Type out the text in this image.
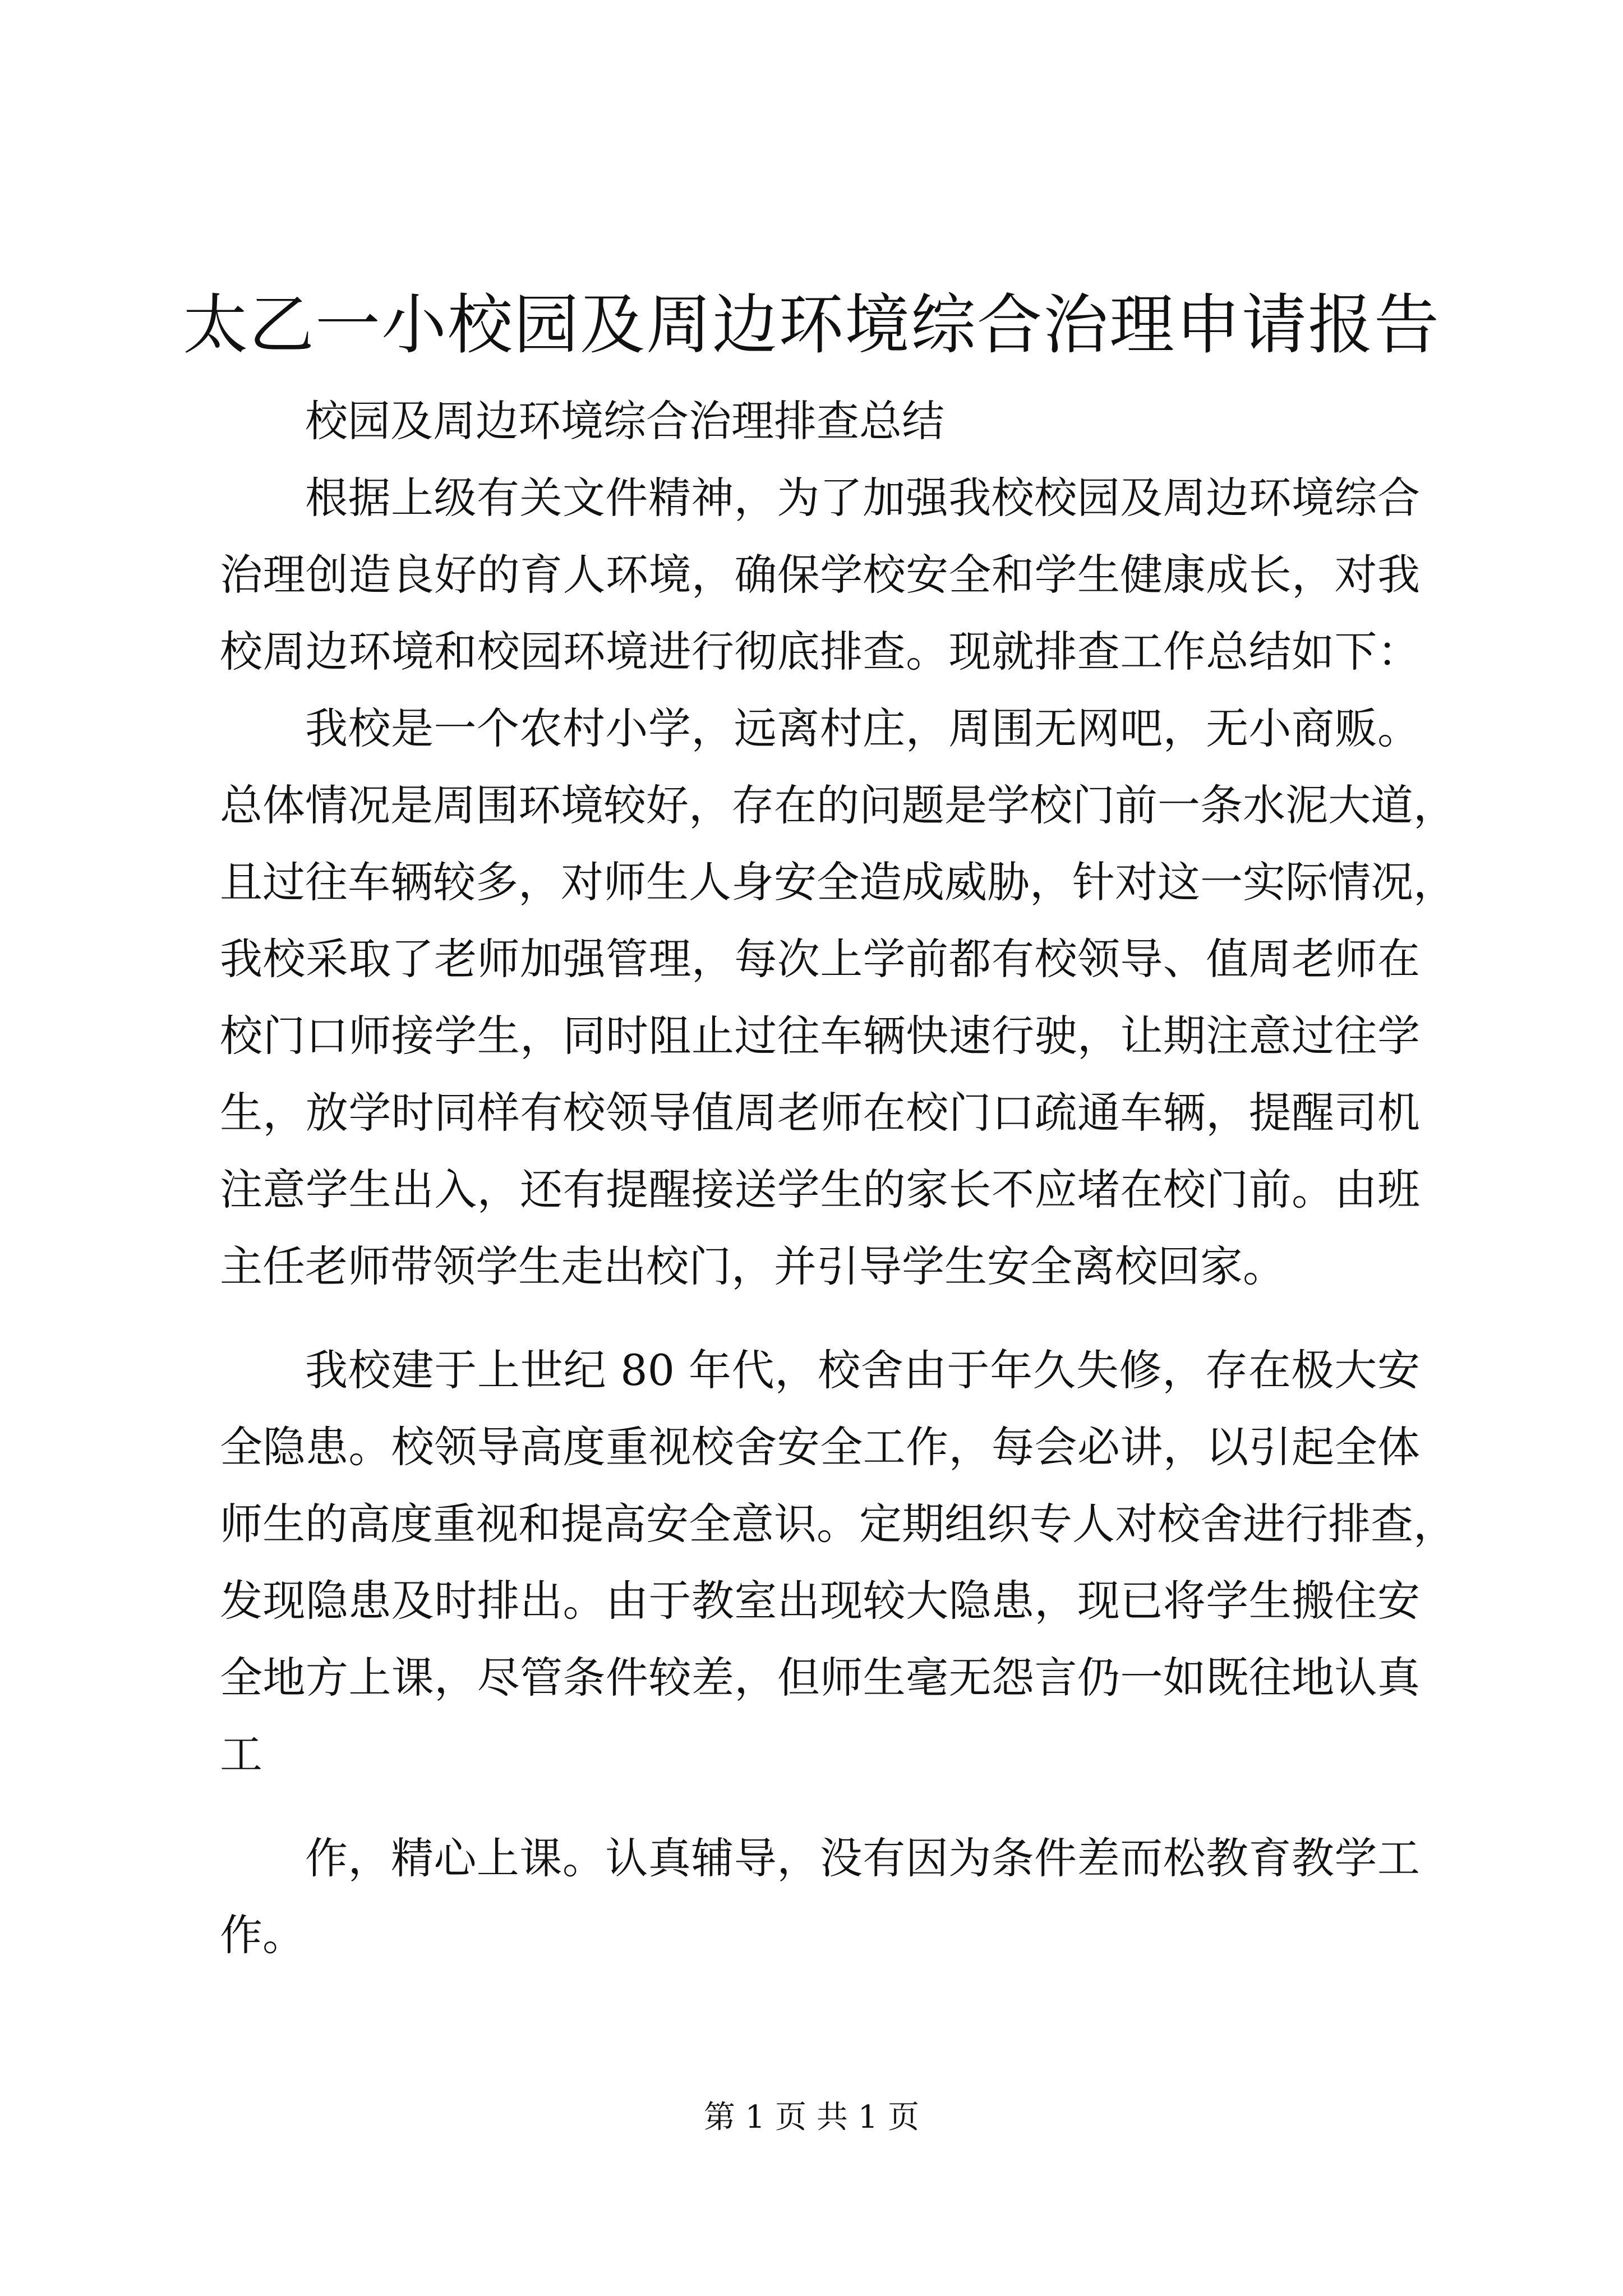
太乙一小校园及周边环境综合治理申请报告
校园及周边环境综合治理排查总结
根据上级有关文件精神，为了加强我校校园及周边环境综合
治理创造良好的育人环境，确保学校安全和学生健康成长，对我
校周边环境和校园环境进行彻底排查。现就排查工作总结如下：
我校是一个农村小学，远离村庄，周围无网吧，无小商贩。
总体情况是周围环境较好，存在的问题是学校门前一条水泥大道，
且过往车辆较多，对师生人身安全造成威胁，针对这一实际情况，
我校采取了老师加强管理，每次上学前都有校领导、值周老师在
校门口师接学生，同时阻止过往车辆快速行驶，让期注意过往学
生，放学时同样有校领导值周老师在校门口疏通车辆，提醒司机
注意学生出入，还有提醒接送学生的家长不应堵在校门前。由班
主任老师带领学生走出校门，并引导学生安全离校回家。
我校建于上世纪 80 年代，校舍由于年久失修，存在极大安
全隐患。校领导高度重视校舍安全工作，每会必讲，以引起全体
师生的高度重视和提高安全意识。定期组织专人对校舍进行排查，
发现隐患及时排出。由于教室出现较大隐患，现已将学生搬住安
全地方上课，尽管条件较差，但师生毫无怨言仍一如既往地认真
工
作，精心上课。认真辅导，没有因为条件差而松教育教学工
作。
第 1 页 共 1 页
